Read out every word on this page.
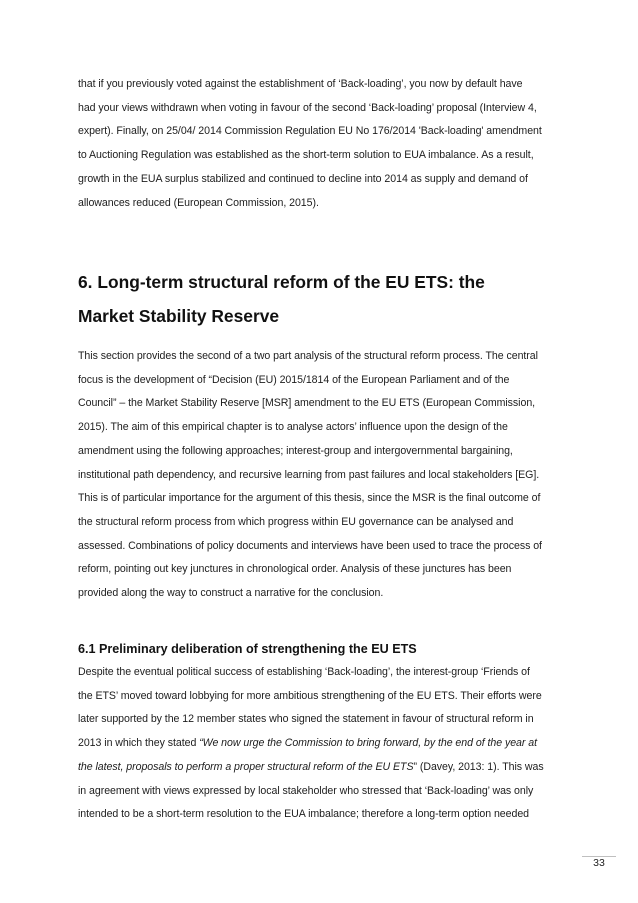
that if you previously voted against the establishment of ‘Back-loading’, you now by default have
had your views withdrawn when voting in favour of the second ‘Back-loading’ proposal (Interview 4,
expert). Finally, on 25/04/ 2014 Commission Regulation EU No 176/2014 'Back-loading' amendment
to Auctioning Regulation was established as the short-term solution to EUA imbalance. As a result,
growth in the EUA surplus stabilized and continued to decline into 2014 as supply and demand of
allowances reduced (European Commission, 2015).

6. Long-term structural reform of the EU ETS: the
Market Stability Reserve

This section provides the second of a two part analysis of the structural reform process. The central
focus is the development of “Decision (EU) 2015/1814 of the European Parliament and of the
Council” – the Market Stability Reserve [MSR] amendment to the EU ETS (European Commission,
2015). The aim of this empirical chapter is to analyse actors’ influence upon the design of the
amendment using the following approaches; interest-group and intergovernmental bargaining,
institutional path dependency, and recursive learning from past failures and local stakeholders [EG].
This is of particular importance for the argument of this thesis, since the MSR is the final outcome of
the structural reform process from which progress within EU governance can be analysed and
assessed. Combinations of policy documents and interviews have been used to trace the process of
reform, pointing out key junctures in chronological order. Analysis of these junctures has been
provided along the way to construct a narrative for the conclusion.

6.1 Preliminary deliberation of strengthening the EU ETS

Despite the eventual political success of establishing ‘Back-loading’, the interest-group ‘Friends of
the ETS’ moved toward lobbying for more ambitious strengthening of the EU ETS. Their efforts were
later supported by the 12 member states who signed the statement in favour of structural reform in
2013 in which they stated “We now urge the Commission to bring forward, by the end of the year at
the latest, proposals to perform a proper structural reform of the EU ETS” (Davey, 2013: 1). This was
in agreement with views expressed by local stakeholder who stressed that ‘Back-loading’ was only
intended to be a short-term resolution to the EUA imbalance; therefore a long-term option needed

33
